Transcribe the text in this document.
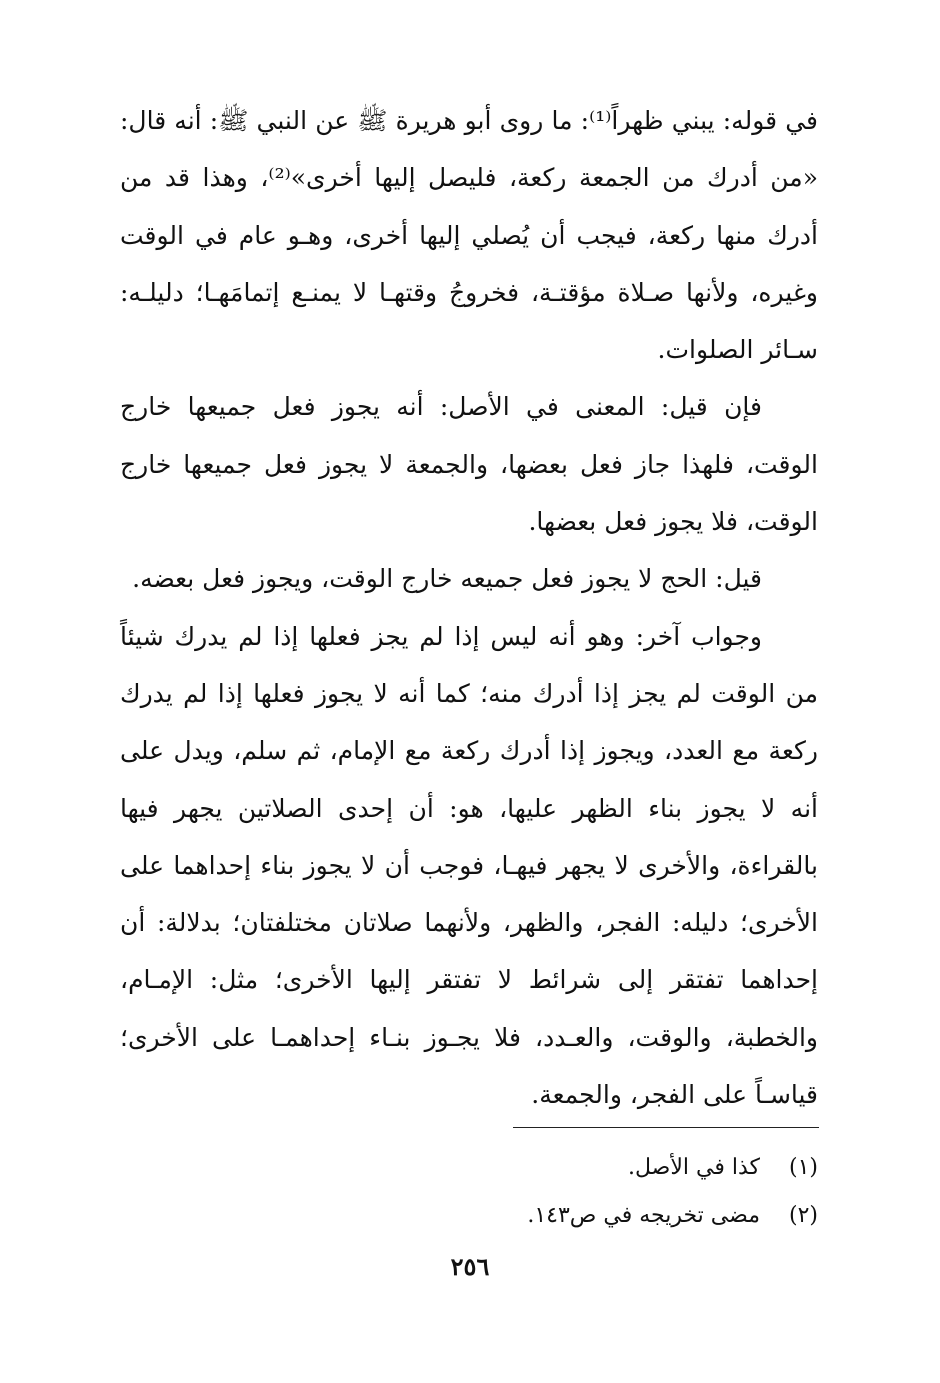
في قوله: يبني ظهراً⁽¹⁾: ما روى أبو هريرة ﷺ عن النبي ﷺ: أنه قال: «من أدرك من الجمعة ركعة، فليصل إليها أخرى»⁽²⁾، وهذا قد من أدرك منها ركعة، فيجب أن يُصلي إليها أخرى، وهـو عام في الوقت وغيره، ولأنها صـلاة مؤقتـة، فخروجُ وقتهـا لا يمنـع إتمامَهـا؛ دليلـه: سـائر الصلوات.

فإن قيل: المعنى في الأصل: أنه يجوز فعل جميعها خارج الوقت، فلهذا جاز فعل بعضها، والجمعة لا يجوز فعل جميعها خارج الوقت، فلا يجوز فعل بعضها.

قيل: الحج لا يجوز فعل جميعه خارج الوقت، ويجوز فعل بعضه.

وجواب آخر: وهو أنه ليس إذا لم يجز فعلها إذا لم يدرك شيئاً من الوقت لم يجز إذا أدرك منه؛ كما أنه لا يجوز فعلها إذا لم يدرك ركعة مع العدد، ويجوز إذا أدرك ركعة مع الإمام، ثم سلم، ويدل على أنه لا يجوز بناء الظهر عليها، هو: أن إحدى الصلاتين يجهر فيها بالقراءة، والأخرى لا يجهر فيهـا، فوجب أن لا يجوز بناء إحداهما على الأخرى؛ دليله: الفجر، والظهر، ولأنهما صلاتان مختلفتان؛ بدلالة: أن إحداهما تفتقر إلى شرائط لا تفتقر إليها الأخرى؛ مثل: الإمـام، والخطبة، والوقت، والعـدد، فلا يجـوز بنـاء إحداهمـا على الأخرى؛ قياسـاً على الفجر، والجمعة.

(١)
كذا في الأصل.
(٢)
مضى تخريجه في ص١٤٣.
٢٥٦
